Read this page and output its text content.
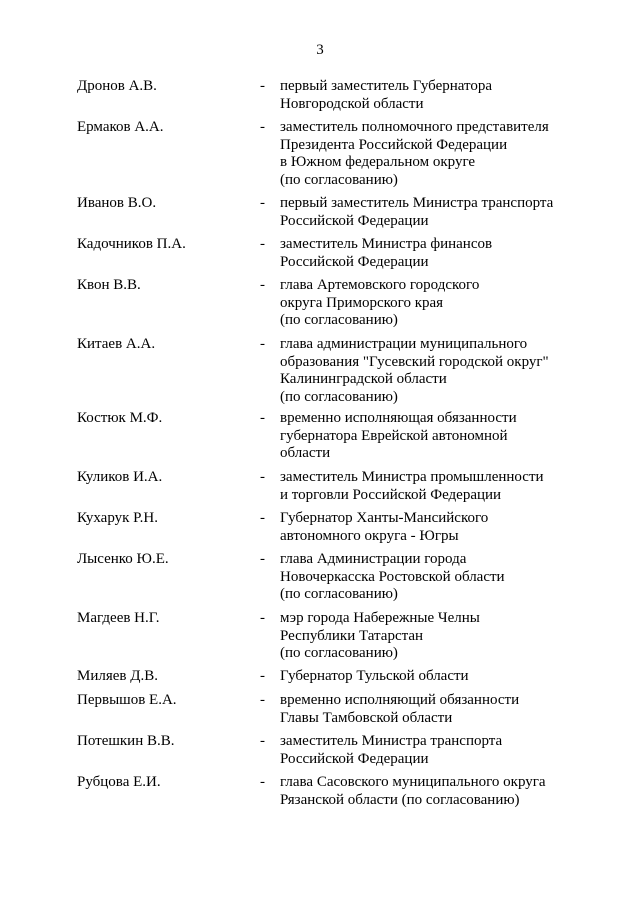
3
Дронов А.В.	- первый заместитель Губернатора
Новгородской области
Ермаков А.А.	- заместитель полномочного представителя
Президента Российской Федерации
в Южном федеральном округе
(по согласованию)
Иванов В.О.	- первый заместитель Министра транспорта
Российской Федерации
Кадочников П.А.	- заместитель Министра финансов
Российской Федерации
Квон В.В.	- глава Артемовского городского
округа Приморского края
(по согласованию)
Китаев А.А.	- глава администрации муниципального
образования "Гусевский городской округ"
Калининградской области
(по согласованию)
Костюк М.Ф.	- временно исполняющая обязанности
губернатора Еврейской автономной
области
Куликов И.А.	- заместитель Министра промышленности
и торговли Российской Федерации
Кухарук Р.Н.	- Губернатор Ханты-Мансийского
автономного округа - Югры
Лысенко Ю.Е.	- глава Администрации города
Новочеркасска Ростовской области
(по согласованию)
Магдеев Н.Г.	- мэр города Набережные Челны
Республики Татарстан
(по согласованию)
Миляев Д.В.	- Губернатор Тульской области
Первышов Е.А.	- временно исполняющий обязанности
Главы Тамбовской области
Потешкин В.В.	- заместитель Министра транспорта
Российской Федерации
Рубцова Е.И.	- глава Сасовского муниципального округа
Рязанской области (по согласованию)
